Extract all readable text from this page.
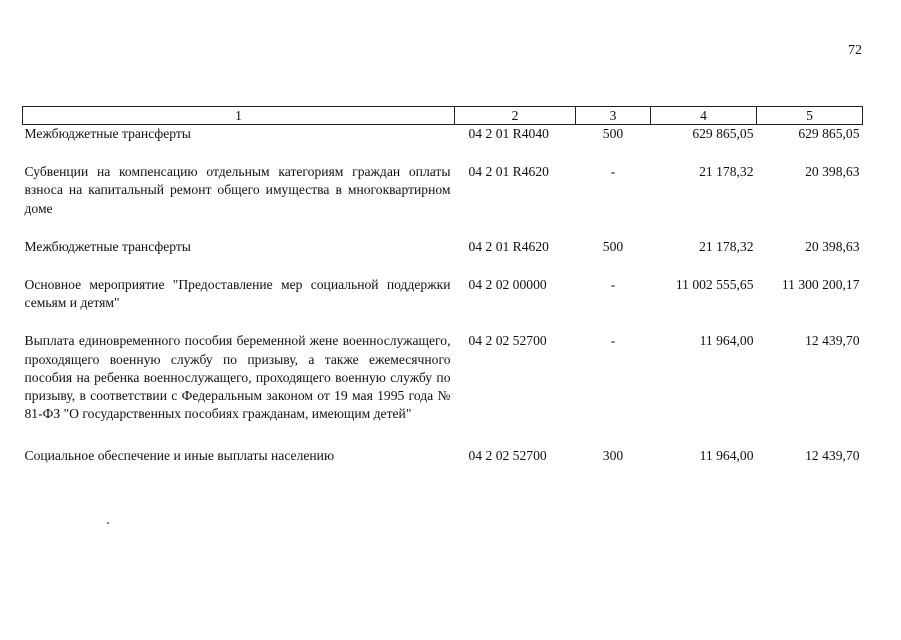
72
1	2	3	4	5
Межбюджетные трансферты	04 2 01 R4040	500	629 865,05	629 865,05

Субвенции на компенсацию отдельным категориям граждан оплаты взноса на капитальный ремонт общего имущества в многоквартирном доме	04 2 01 R4620	-	21 178,32	20 398,63

Межбюджетные трансферты	04 2 01 R4620	500	21 178,32	20 398,63

Основное мероприятие "Предоставление мер социальной поддержки семьям и детям"	04 2 02 00000	-	11 002 555,65	11 300 200,17

Выплата единовременного пособия беременной жене военнослужащего, проходящего военную службу по призыву, а также ежемесячного пособия на ребенка военнослужащего, проходящего военную службу по призыву, в соответствии с Федеральным законом от 19 мая 1995 года № 81-ФЗ "О государственных пособиях гражданам, имеющим детей"	04 2 02 52700	-	11 964,00	12 439,70

Социальное обеспечение и иные выплаты населению	04 2 02 52700	300	11 964,00	12 439,70
